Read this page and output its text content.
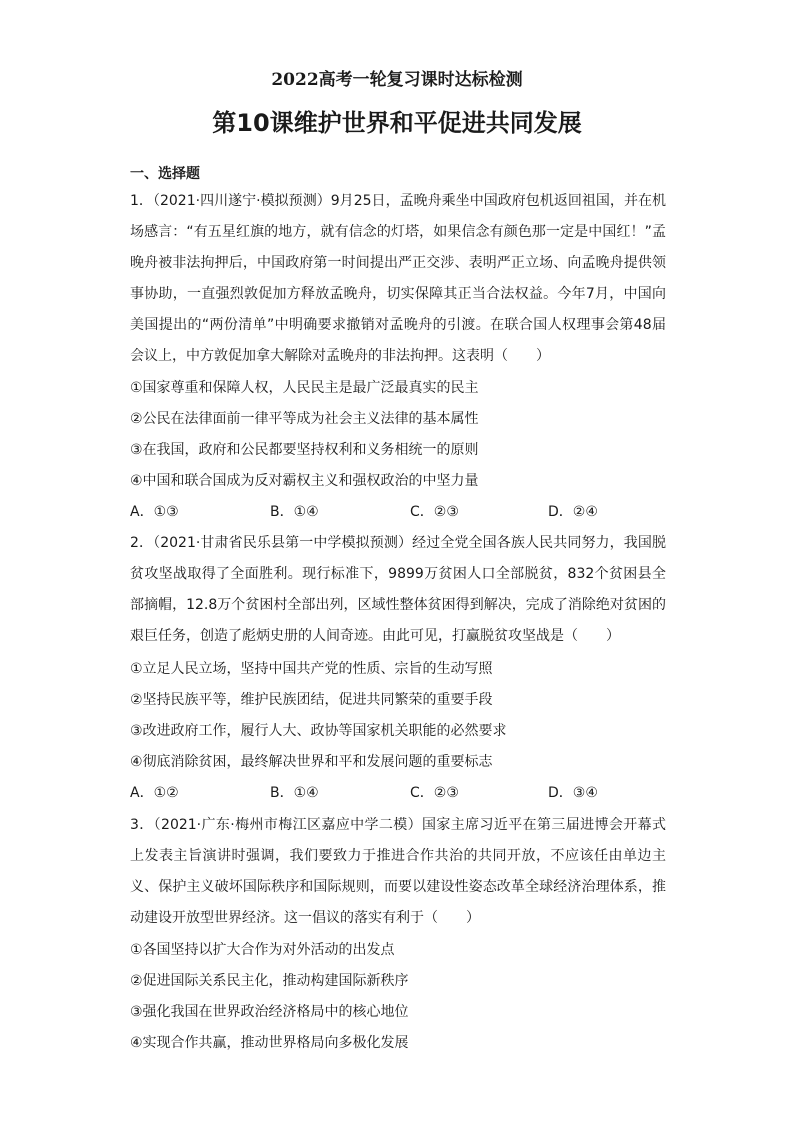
2022高考一轮复习课时达标检测
第10课维护世界和平促进共同发展
一、选择题
1．（2021·四川遂宁·模拟预测）9月25日，孟晚舟乘坐中国政府包机返回祖国，并在机场感言：“有五星红旗的地方，就有信念的灯塔，如果信念有颜色那一定是中国红！”孟晚舟被非法拘押后，中国政府第一时间提出严正交涉、表明严正立场、向孟晚舟提供领事协助，一直强烈敦促加方释放孟晚舟，切实保障其正当合法权益。今年7月，中国向美国提出的“两份清单”中明确要求撤销对孟晚舟的引渡。在联合国人权理事会第48届会议上，中方敦促加拿大解除对孟晚舟的非法拘押。这表明（　　）
①国家尊重和保障人权，人民民主是最广泛最真实的民主
②公民在法律面前一律平等成为社会主义法律的基本属性
③在我国，政府和公民都要坚持权利和义务相统一的原则
④中国和联合国成为反对霸权主义和强权政治的中坚力量
A．①③	B．①④	C．②③	D．②④
2．（2021·甘肃省民乐县第一中学模拟预测）经过全党全国各族人民共同努力，我国脱贫攻坚战取得了全面胜利。现行标准下，9899万贫困人口全部脱贫，832个贫困县全部摘帽，12.8万个贫困村全部出列，区域性整体贫困得到解决，完成了消除绝对贫困的艰巨任务，创造了彪炳史册的人间奇迹。由此可见，打赢脱贫攻坚战是（　　）
①立足人民立场，坚持中国共产党的性质、宗旨的生动写照
②坚持民族平等，维护民族团结，促进共同繁荣的重要手段
③改进政府工作，履行人大、政协等国家机关职能的必然要求
④彻底消除贫困，最终解决世界和平和发展问题的重要标志
A．①②	B．①④	C．②③	D．③④
3．（2021·广东·梅州市梅江区嘉应中学二模）国家主席习近平在第三届进博会开幕式上发表主旨演讲时强调，我们要致力于推进合作共治的共同开放，不应该任由单边主义、保护主义破坏国际秩序和国际规则，而要以建设性姿态改革全球经济治理体系，推动建设开放型世界经济。这一倡议的落实有利于（　　）
①各国坚持以扩大合作为对外活动的出发点
②促进国际关系民主化，推动构建国际新秩序
③强化我国在世界政治经济格局中的核心地位
④实现合作共赢，推动世界格局向多极化发展
